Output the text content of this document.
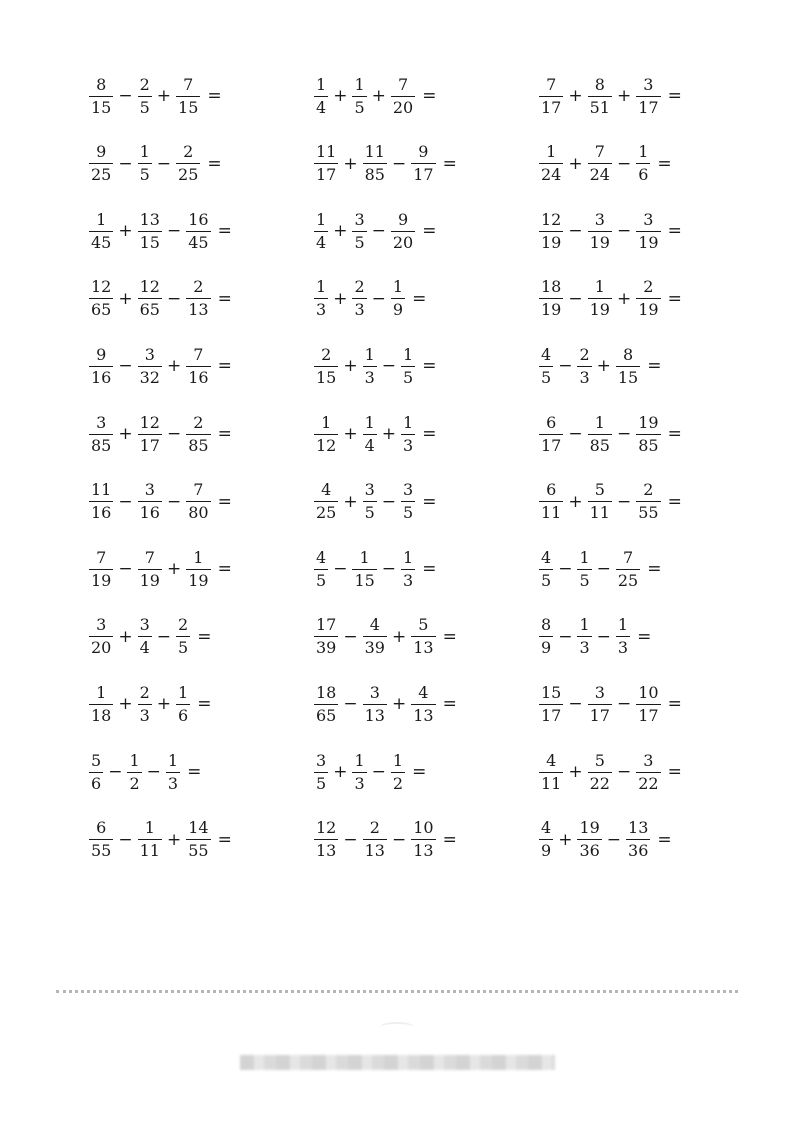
$\frac{8}{15} - \frac{2}{5} + \frac{7}{15}$ =
$\frac{9}{25} - \frac{1}{5} - \frac{2}{25}$ =
$\frac{1}{45} + \frac{13}{15} - \frac{16}{45}$ =
$\frac{12}{65} + \frac{12}{65} - \frac{2}{13}$ =
$\frac{9}{16} - \frac{3}{32} + \frac{7}{16}$ =
$\frac{3}{85} + \frac{12}{17} - \frac{2}{85}$ =
$\frac{11}{16} - \frac{3}{16} - \frac{7}{80}$ =
$\frac{7}{19} - \frac{7}{19} + \frac{1}{19}$ =
$\frac{3}{20} + \frac{3}{4} - \frac{2}{5}$ =
$\frac{1}{18} + \frac{2}{3} + \frac{1}{6}$ =
$\frac{5}{6} - \frac{1}{2} - \frac{1}{3}$ =
$\frac{6}{55} - \frac{1}{11} + \frac{14}{55}$ =
$\frac{1}{4} + \frac{1}{5} + \frac{7}{20}$ =
$\frac{11}{17} + \frac{11}{85} - \frac{9}{17}$ =
$\frac{1}{4} + \frac{3}{5} - \frac{9}{20}$ =
$\frac{1}{3} + \frac{2}{3} - \frac{1}{9}$ =
$\frac{2}{15} + \frac{1}{3} - \frac{1}{5}$ =
$\frac{1}{12} + \frac{1}{4} + \frac{1}{3}$ =
$\frac{4}{25} + \frac{3}{5} - \frac{3}{5}$ =
$\frac{4}{5} - \frac{1}{15} - \frac{1}{3}$ =
$\frac{17}{39} - \frac{4}{39} + \frac{5}{13}$ =
$\frac{18}{65} - \frac{3}{13} + \frac{4}{13}$ =
$\frac{3}{5} + \frac{1}{3} - \frac{1}{2}$ =
$\frac{12}{13} - \frac{2}{13} - \frac{10}{13}$ =
$\frac{7}{17} + \frac{8}{51} + \frac{3}{17}$ =
$\frac{1}{24} + \frac{7}{24} - \frac{1}{6}$ =
$\frac{12}{19} - \frac{3}{19} - \frac{3}{19}$ =
$\frac{18}{19} - \frac{1}{19} + \frac{2}{19}$ =
$\frac{4}{5} - \frac{2}{3} + \frac{8}{15}$ =
$\frac{6}{17} - \frac{1}{85} - \frac{19}{85}$ =
$\frac{6}{11} + \frac{5}{11} - \frac{2}{55}$ =
$\frac{4}{5} - \frac{1}{5} - \frac{7}{25}$ =
$\frac{8}{9} - \frac{1}{3} - \frac{1}{3}$ =
$\frac{15}{17} - \frac{3}{17} - \frac{10}{17}$ =
$\frac{4}{11} + \frac{5}{22} - \frac{3}{22}$ =
$\frac{4}{9} + \frac{19}{36} - \frac{13}{36}$ =
